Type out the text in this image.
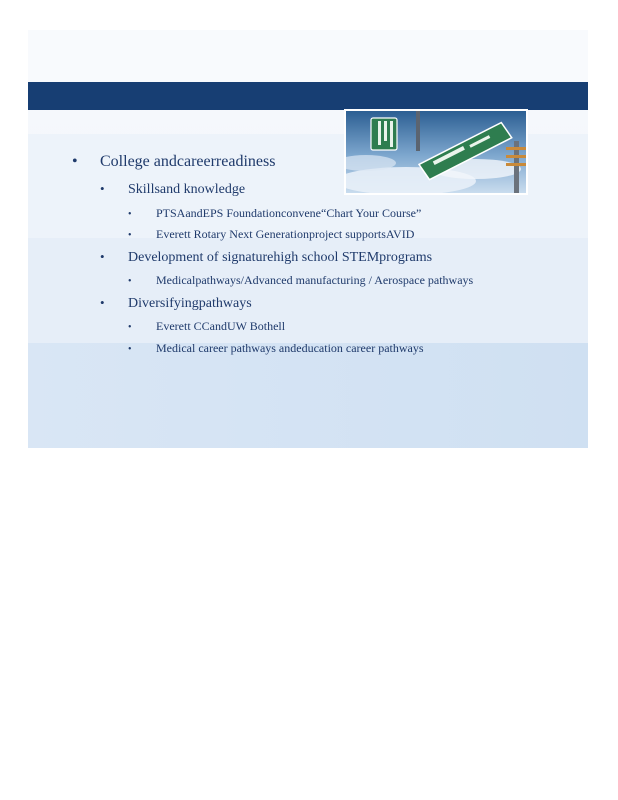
•	College andcareerreadiness
•	Skillsand knowledge
•	PTSAandEPS Foundationconvene“Chart Your Course”
•	Everett Rotary Next Generationproject supportsAVID
•	Development of signaturehigh school STEMprograms
•	Medicalpathways/Advanced manufacturing / Aerospace pathways
•	Diversifyingpathways
•	Everett CCandUW Bothell
•	Medical career pathways andeducation career pathways
